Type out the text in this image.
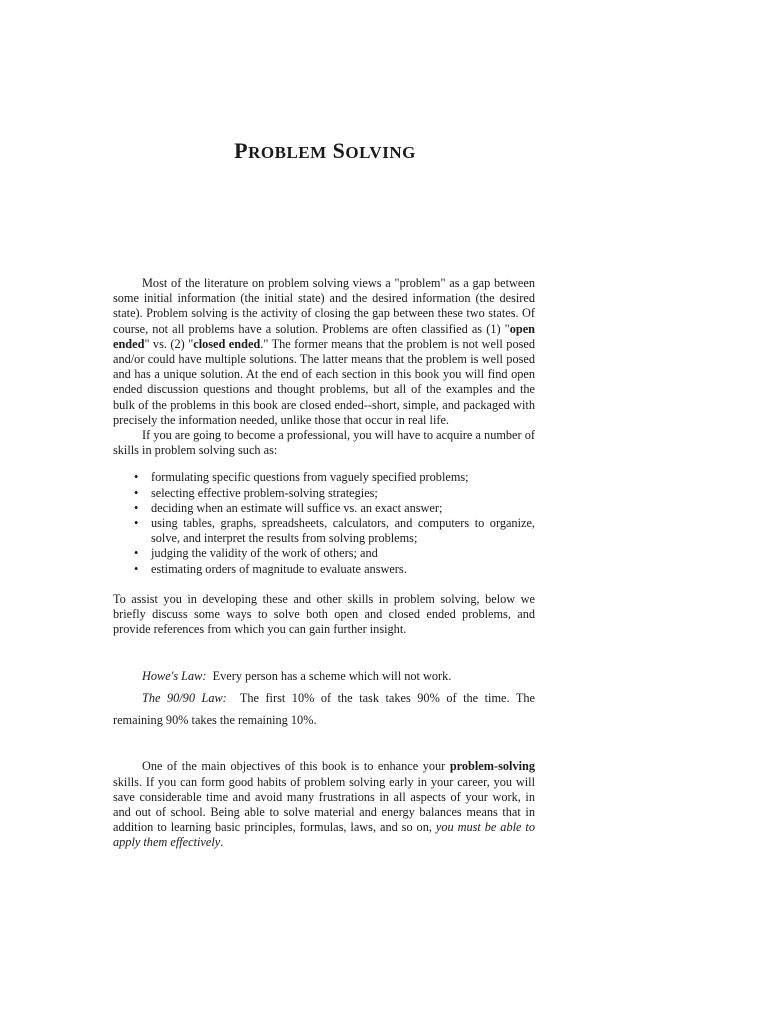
PROBLEM SOLVING

Most of the literature on problem solving views a "problem" as a gap between some initial information (the initial state) and the desired information (the desired state). Problem solving is the activity of closing the gap between these two states. Of course, not all problems have a solution. Problems are often classified as (1) "open ended" vs. (2) "closed ended." The former means that the problem is not well posed and/or could have multiple solutions. The latter means that the problem is well posed and has a unique solution. At the end of each section in this book you will find open ended discussion questions and thought problems, but all of the examples and the bulk of the problems in this book are closed ended--short, simple, and packaged with precisely the information needed, unlike those that occur in real life.

If you are going to become a professional, you will have to acquire a number of skills in problem solving such as:

• formulating specific questions from vaguely specified problems;
• selecting effective problem-solving strategies;
• deciding when an estimate will suffice vs. an exact answer;
• using tables, graphs, spreadsheets, calculators, and computers to organize, solve, and interpret the results from solving problems;
• judging the validity of the work of others; and
• estimating orders of magnitude to evaluate answers.

To assist you in developing these and other skills in problem solving, below we briefly discuss some ways to solve both open and closed ended problems, and provide references from which you can gain further insight.

Howe's Law: Every person has a scheme which will not work.

The 90/90 Law: The first 10% of the task takes 90% of the time. The remaining 90% takes the remaining 10%.

One of the main objectives of this book is to enhance your problem-solving skills. If you can form good habits of problem solving early in your career, you will save considerable time and avoid many frustrations in all aspects of your work, in and out of school. Being able to solve material and energy balances means that in addition to learning basic principles, formulas, laws, and so on, you must be able to apply them effectively.
